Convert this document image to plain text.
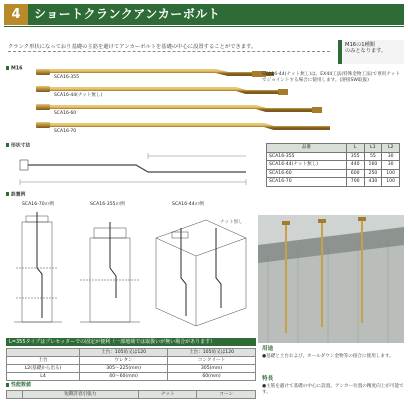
4	ショートクランクアンカーボルト
クランク形状になっており基礎の主筋を避けてアンカーボルトを基礎の中心に設置することができます。	M16の1種類
のみとなります。
M16
SCA16-355
SCA16-44(ナット無し)
SCA16-60
SCA16-70
SCA16-44(ナット無し)は、EX44工法(特殊金物工法)で専用ナットでジョイントする場合に使用します。(溶接SW取扱)
形状寸法	品番	L	L1	L2
SCA16-355	355	55	30
SCA16-44(ナット無し)	440	160	30
SCA16-60	600	250	100
SCA16-70	700	430	100
設置例
SCA16-70の例	SCA16-355の例	SCA16-44の例
ナット無し
L=355タイプはプレセッターでの固定が便利（一部地域では取扱いが無い場合があります）
	土台：105角又は120	土台：105角又は120
土台	ウレタン	コンクリート
L2(基礎から出る)	305〜225(mm)	305(mm)
L4	40〜60(mm)	60(mm)
性能数値
	短期許容引張力	ナット	コーン
用途
●基礎と土台および、ホールダウン金物等の接合に使用します。
特長
●主筋を避けて基礎の中心に設置。アンカー位置の精度向上が可能です。
